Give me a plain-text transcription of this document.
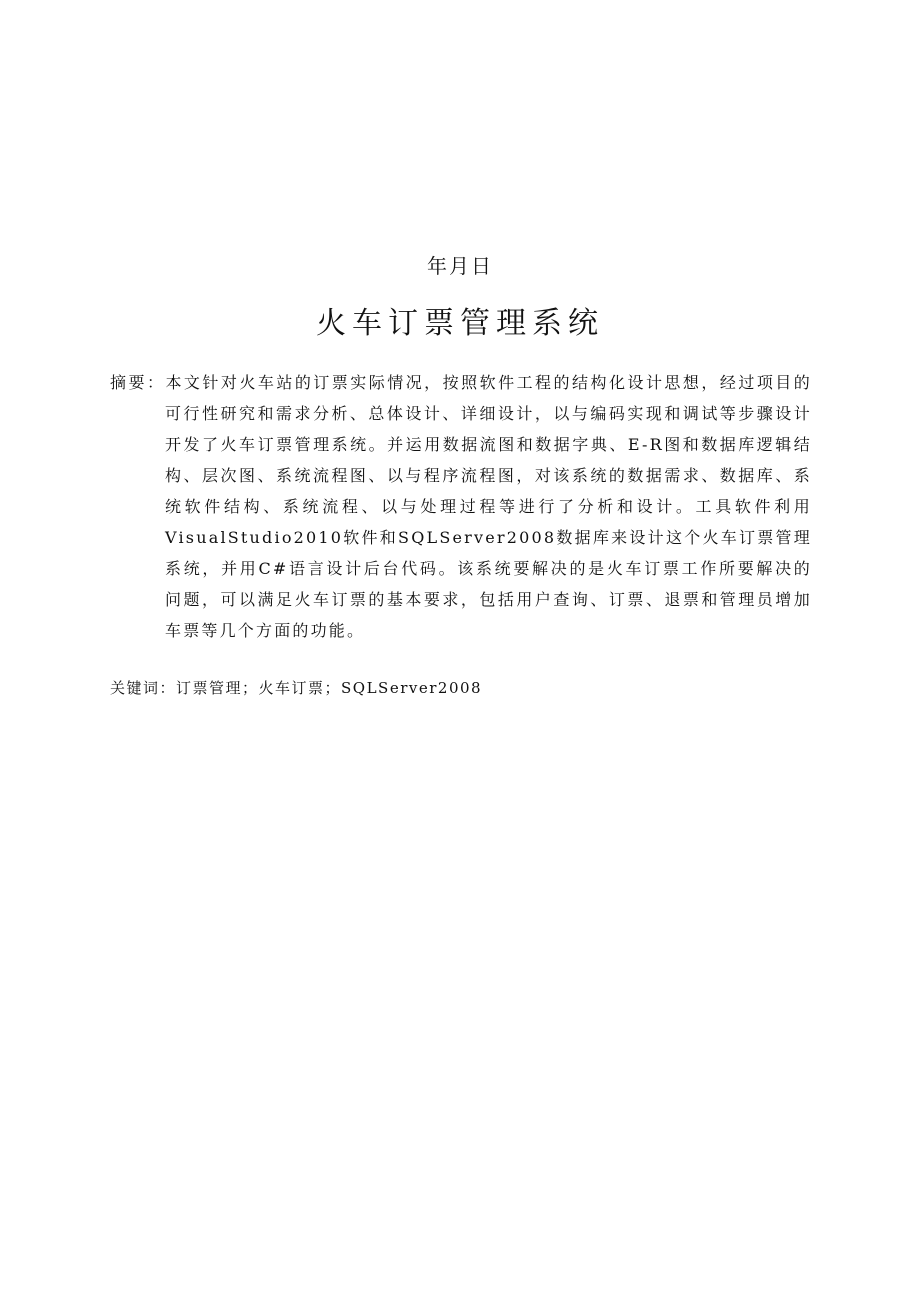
年月日
火车订票管理系统
摘要：本文针对火车站的订票实际情况，按照软件工程的结构化设计思想，经过项目的可行性研究和需求分析、总体设计、详细设计，以与编码实现和调试等步骤设计开发了火车订票管理系统。并运用数据流图和数据字典、E-R图和数据库逻辑结构、层次图、系统流程图、以与程序流程图，对该系统的数据需求、数据库、系统软件结构、系统流程、以与处理过程等进行了分析和设计。工具软件利用VisualStudio2010软件和SQLServer2008数据库来设计这个火车订票管理系统，并用C#语言设计后台代码。该系统要解决的是火车订票工作所要解决的问题，可以满足火车订票的基本要求，包括用户查询、订票、退票和管理员增加车票等几个方面的功能。
关键词：订票管理；火车订票；SQLServer2008
